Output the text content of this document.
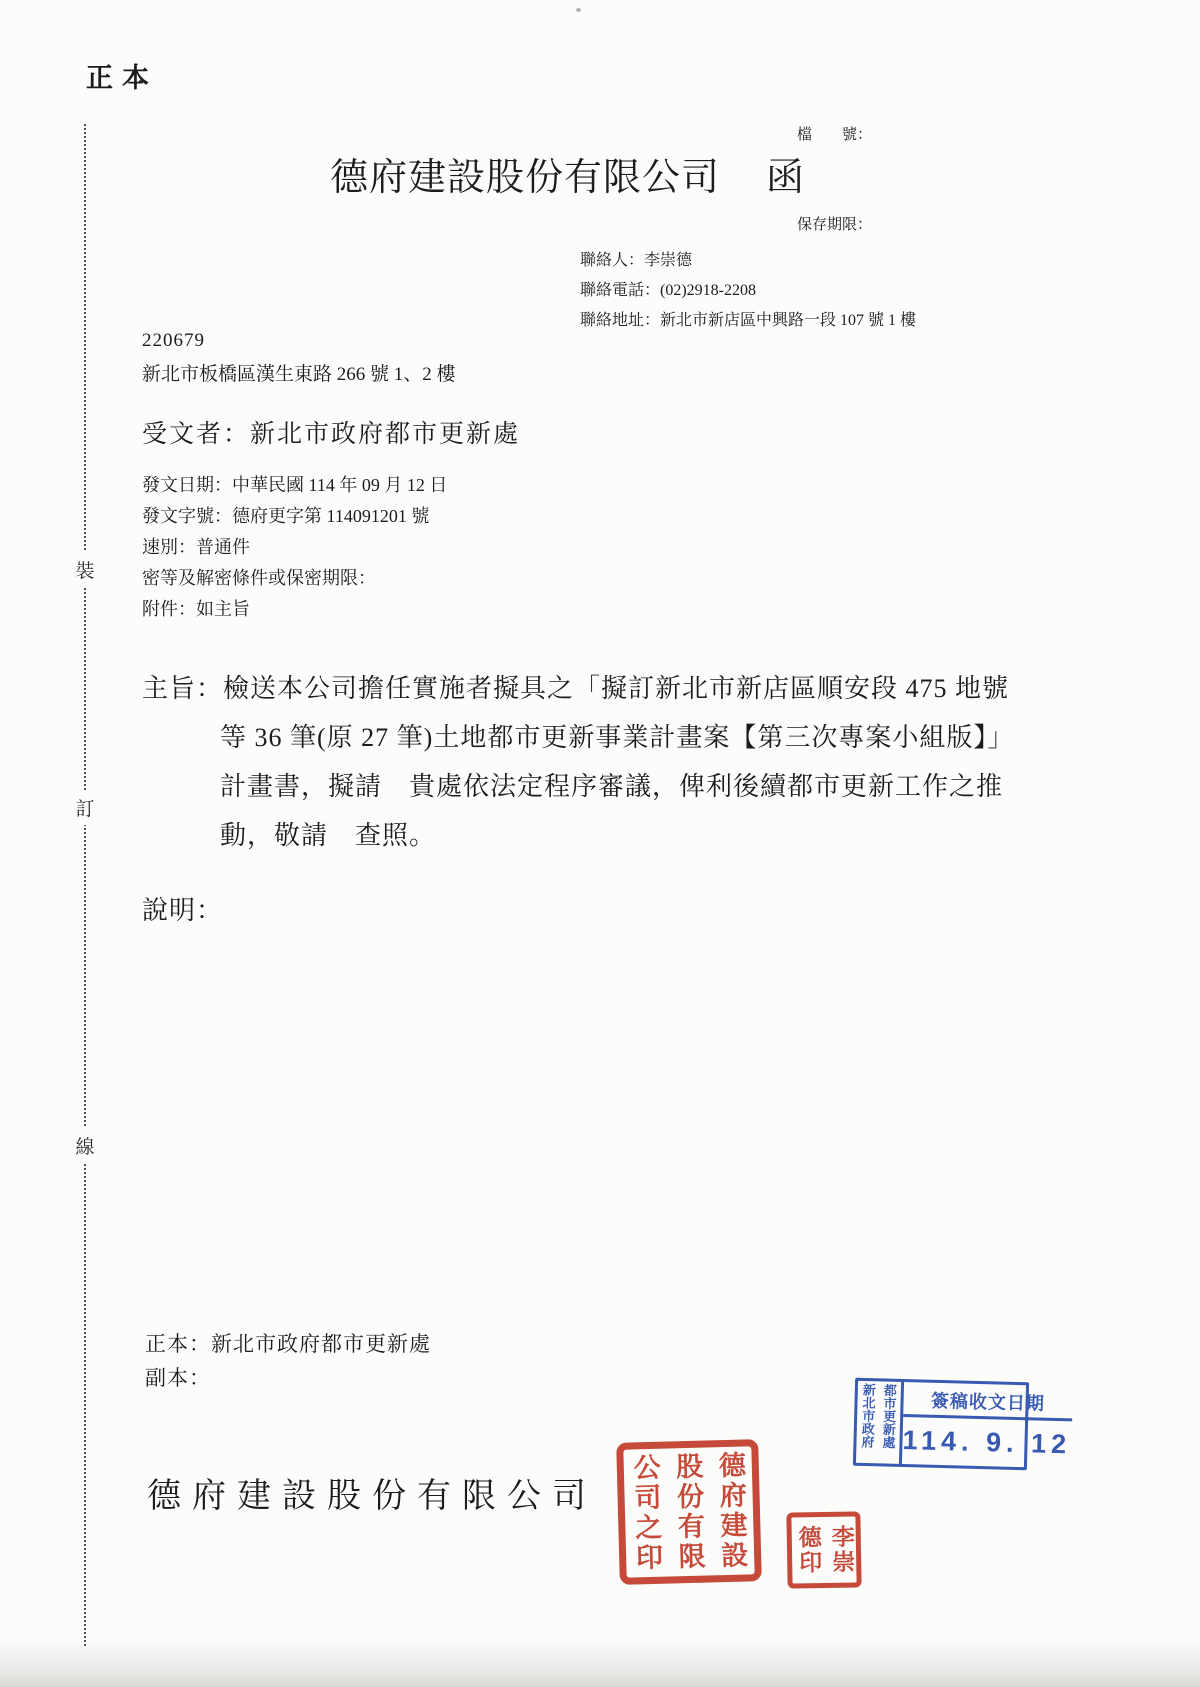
正本

檔　　號：

保存期限：

德府建設股份有限公司 函
聯絡人：李崇德
聯絡電話：(02)2918-2208
聯絡地址：新北市新店區中興路一段 107 號 1 樓
220679
新北市板橋區漢生東路 266 號 1、2 樓
受文者：新北市政府都市更新處
發文日期：中華民國 114 年 09 月 12 日
發文字號：德府更字第 114091201 號
速別：普通件
密等及解密條件或保密期限：
附件：如主旨
主旨：檢送本公司擔任實施者擬具之「擬訂新北市新店區順安段 475 地號
等 36 筆(原 27 筆)土地都市更新事業計畫案【第三次專案小組版】」
計畫書，擬請　貴處依法定程序審議，俾利後續都市更新工作之推
動，敬請　查照。
說明：
裝
訂
線
正本：新北市政府都市更新處
副本：
德府建設股份有限公司	德府建設
股份有限
公司之印	李崇
德印
都市更新處
新北市政府	簽稿收文日期
114. 9. 12
